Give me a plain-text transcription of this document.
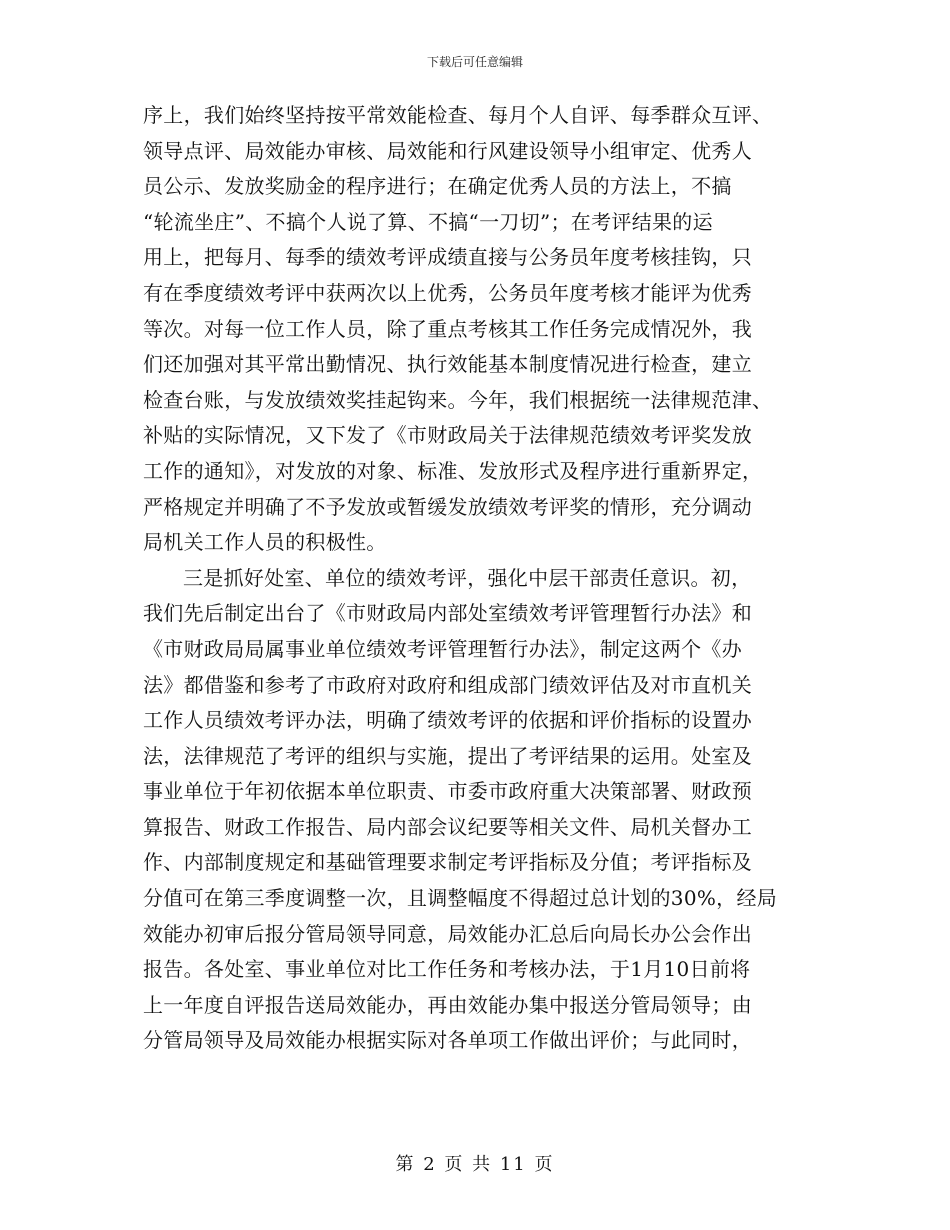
下载后可任意编辑

序上，我们始终坚持按平常效能检查、每月个人自评、每季群众互评、
领导点评、局效能办审核、局效能和行风建设领导小组审定、优秀人
员公示、发放奖励金的程序进行；在确定优秀人员的方法上，不搞
“轮流坐庄”、不搞个人说了算、不搞“一刀切”；在考评结果的运
用上，把每月、每季的绩效考评成绩直接与公务员年度考核挂钩，只
有在季度绩效考评中获两次以上优秀，公务员年度考核才能评为优秀
等次。对每一位工作人员，除了重点考核其工作任务完成情况外，我
们还加强对其平常出勤情况、执行效能基本制度情况进行检查，建立
检查台账，与发放绩效奖挂起钩来。今年，我们根据统一法律规范津、
补贴的实际情况，又下发了《市财政局关于法律规范绩效考评奖发放
工作的通知》，对发放的对象、标准、发放形式及程序进行重新界定，
严格规定并明确了不予发放或暂缓发放绩效考评奖的情形，充分调动
局机关工作人员的积极性。

三是抓好处室、单位的绩效考评，强化中层干部责任意识。初，
我们先后制定出台了《市财政局内部处室绩效考评管理暂行办法》和
《市财政局局属事业单位绩效考评管理暂行办法》，制定这两个《办
法》都借鉴和参考了市政府对政府和组成部门绩效评估及对市直机关
工作人员绩效考评办法，明确了绩效考评的依据和评价指标的设置办
法，法律规范了考评的组织与实施，提出了考评结果的运用。处室及
事业单位于年初依据本单位职责、市委市政府重大决策部署、财政预
算报告、财政工作报告、局内部会议纪要等相关文件、局机关督办工
作、内部制度规定和基础管理要求制定考评指标及分值；考评指标及
分值可在第三季度调整一次，且调整幅度不得超过总计划的30%，经局
效能办初审后报分管局领导同意，局效能办汇总后向局长办公会作出
报告。各处室、事业单位对比工作任务和考核办法，于1月10日前将
上一年度自评报告送局效能办，再由效能办集中报送分管局领导；由
分管局领导及局效能办根据实际对各单项工作做出评价；与此同时，

第 2 页 共 11 页
